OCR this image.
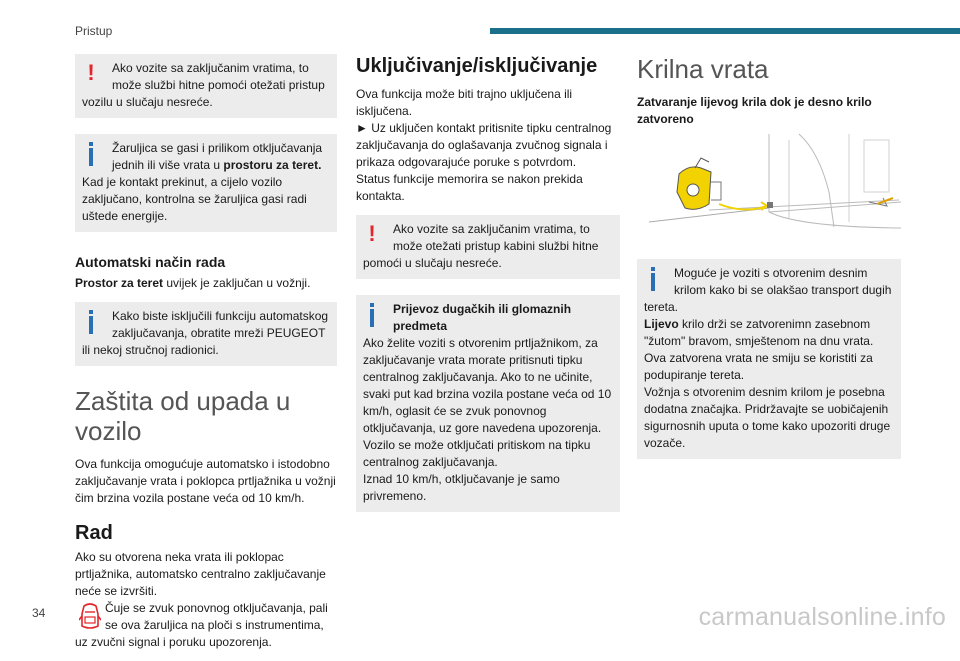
Pristup
!	Ako vozite sa zaključanim vratima, to
može službi hitne pomoći otežati pristup
vozilu u slučaju nesreće.

Žaruljica se gasi i prilikom otključavanja
jednih ili više vrata u prostoru za teret.
Kad je kontakt prekinut, a cijelo vozilo zaključano, kontrolna se žaruljica gasi radi uštede energije.

Automatski način rada

Prostor za teret uvijek je zaključan u vožnji.

Kako biste isključili funkciju automatskog
zaključavanja, obratite mreži PEUGEOT
ili nekoj stručnoj radionici.

Zaštita od upada u vozilo

Ova funkcija omogućuje automatsko i istodobno zaključavanje vrata i poklopca prtljažnika u vožnji čim brzina vozila postane veća od 10 km/h.

Rad

Ako su otvorena neka vrata ili poklopac prtljažnika, automatsko centralno zaključavanje neće se izvršiti.

Čuje se zvuk ponovnog otključavanja, pali
se ova žaruljica na ploči s instrumentima,

uz zvučni signal i poruku upozorenja.

Uključivanje/isključivanje

Ova funkcija može biti trajno uključena ili isključena.

► Uz uključen kontakt pritisnite tipku centralnog zaključavanja do oglašavanja zvučnog signala i prikaza odgovarajuće poruke s potvrdom.

Status funkcije memorira se nakon prekida kontakta.

!	Ako vozite sa zaključanim vratima, to
može otežati pristup kabini službi hitne
pomoći u slučaju nesreće.

Prijevoz dugačkih ili glomaznih
predmeta
Ako želite voziti s otvorenim prtljažnikom, za zaključavanje vrata morate pritisnuti tipku centralnog zaključavanja. Ako to ne učinite, svaki put kad brzina vozila postane veća od 10 km/h, oglasit će se zvuk ponovnog otključavanja, uz gore navedena upozorenja. Vozilo se može otključati pritiskom na tipku centralnog zaključavanja.
Iznad 10 km/h, otključavanje je samo privremeno.

Krilna vrata
Zatvaranje lijevog krila dok je desno krilo zatvoreno

Moguće je voziti s otvorenim desnim
krilom kako bi se olakšao transport dugih
tereta.
Lijevo krilo drži se zatvorenimn zasebnom "žutom" bravom, smještenom na dnu vrata.
Ova zatvorena vrata ne smiju se koristiti za podupiranje tereta.
Vožnja s otvorenim desnim krilom je posebna dodatna značajka. Pridržavajte se uobičajenih sigurnosnih uputa o tome kako upozoriti druge vozače.

34	carmanualsonline.info
